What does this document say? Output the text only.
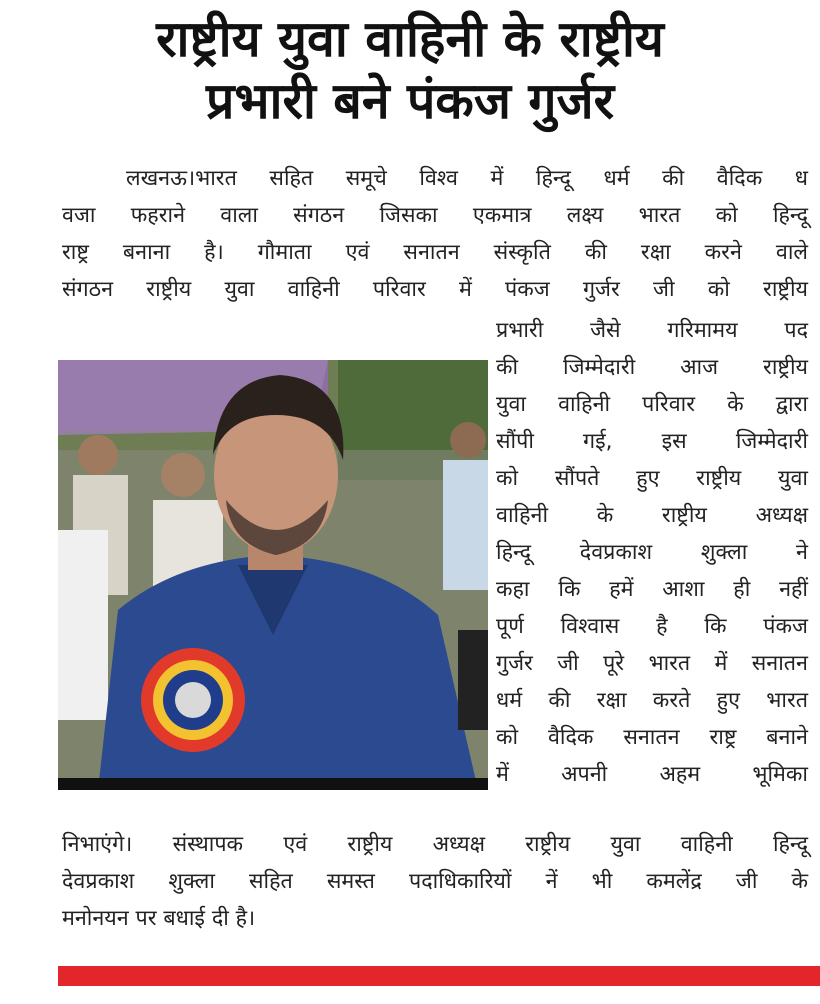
राष्ट्रीय युवा वाहिनी के राष्ट्रीय
प्रभारी बने पंकज गुर्जर
लखनऊ।भारत सहित समूचे विश्व में हिन्दू धर्म की वैदिक ध
वजा फहराने वाला संगठन जिसका एकमात्र लक्ष्य भारत को हिन्दू
राष्ट्र बनाना है। गौमाता एवं सनातन संस्कृति की रक्षा करने वाले
संगठन राष्ट्रीय युवा वाहिनी परिवार में पंकज गुर्जर जी को राष्ट्रीय
प्रभारी जैसे गरिमामय पद
की जिम्मेदारी आज राष्ट्रीय
युवा वाहिनी परिवार के द्वारा
सौंपी गई, इस जिम्मेदारी
को सौंपते हुए राष्ट्रीय युवा
वाहिनी के राष्ट्रीय अध्यक्ष
हिन्दू देवप्रकाश शुक्ला ने
कहा कि हमें आशा ही नहीं
पूर्ण विश्वास है कि पंकज
गुर्जर जी पूरे भारत में सनातन
धर्म की रक्षा करते हुए भारत
को वैदिक सनातन राष्ट्र बनाने
में अपनी अहम भूमिका
निभाएंगे। संस्थापक एवं राष्ट्रीय अध्यक्ष राष्ट्रीय युवा वाहिनी हिन्दू
देवप्रकाश शुक्ला सहित समस्त पदाधिकारियों नें भी कमलेंद्र जी के
मनोनयन पर बधाई दी है।
